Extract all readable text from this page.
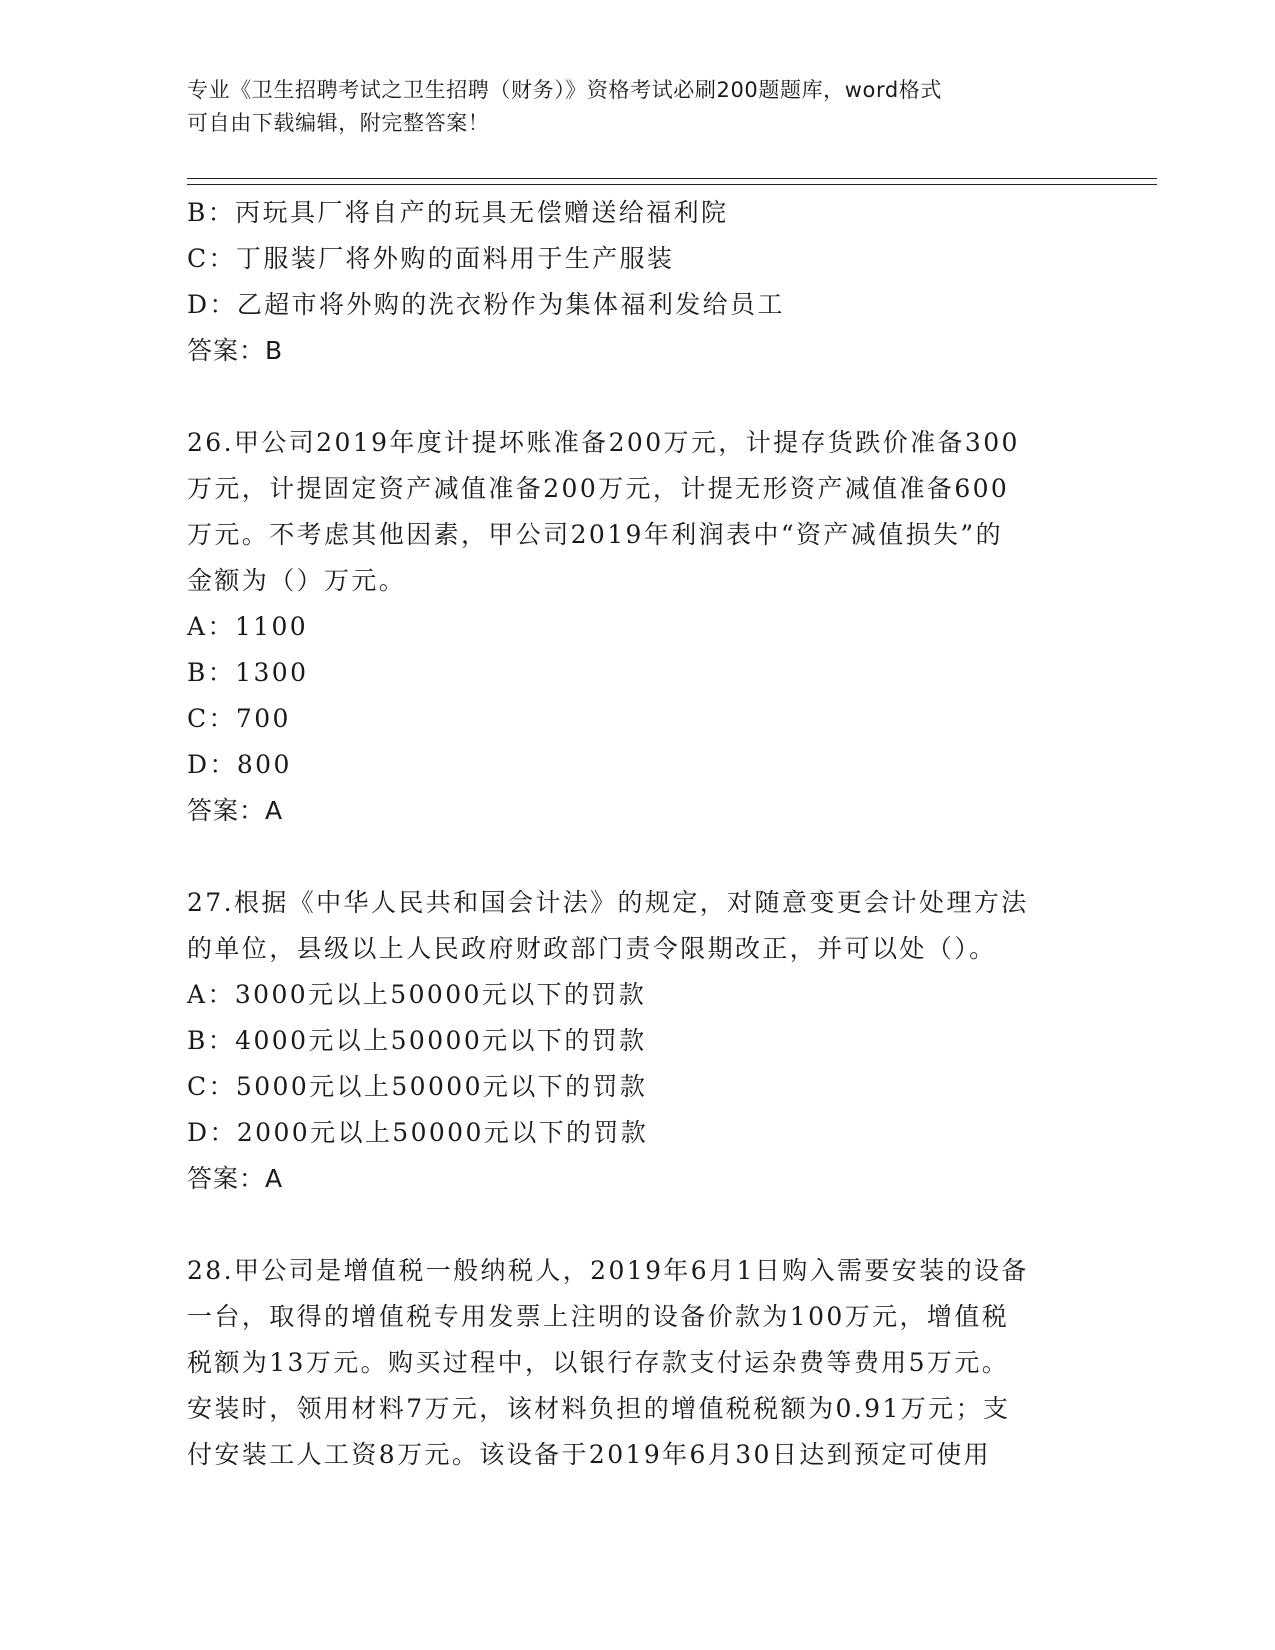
专业《卫生招聘考试之卫生招聘（财务）》资格考试必刷200题题库，word格式
可自由下载编辑，附完整答案！
B：丙玩具厂将自产的玩具无偿赠送给福利院
C：丁服装厂将外购的面料用于生产服装
D：乙超市将外购的洗衣粉作为集体福利发给员工
答案：B
26.甲公司2019年度计提坏账准备200万元，计提存货跌价准备300
万元，计提固定资产减值准备200万元，计提无形资产减值准备600
万元。不考虑其他因素，甲公司2019年利润表中“资产减值损失”的
金额为（）万元。
A：1100
B：1300
C：700
D：800
答案：A
27.根据《中华人民共和国会计法》的规定，对随意变更会计处理方法
的单位，县级以上人民政府财政部门责令限期改正，并可以处（）。
A：3000元以上50000元以下的罚款
B：4000元以上50000元以下的罚款
C：5000元以上50000元以下的罚款
D：2000元以上50000元以下的罚款
答案：A
28.甲公司是增值税一般纳税人，2019年6月1日购入需要安装的设备
一台，取得的增值税专用发票上注明的设备价款为100万元，增值税
税额为13万元。购买过程中，以银行存款支付运杂费等费用5万元。
安装时，领用材料7万元，该材料负担的增值税税额为0.91万元；支
付安装工人工资8万元。该设备于2019年6月30日达到预定可使用
